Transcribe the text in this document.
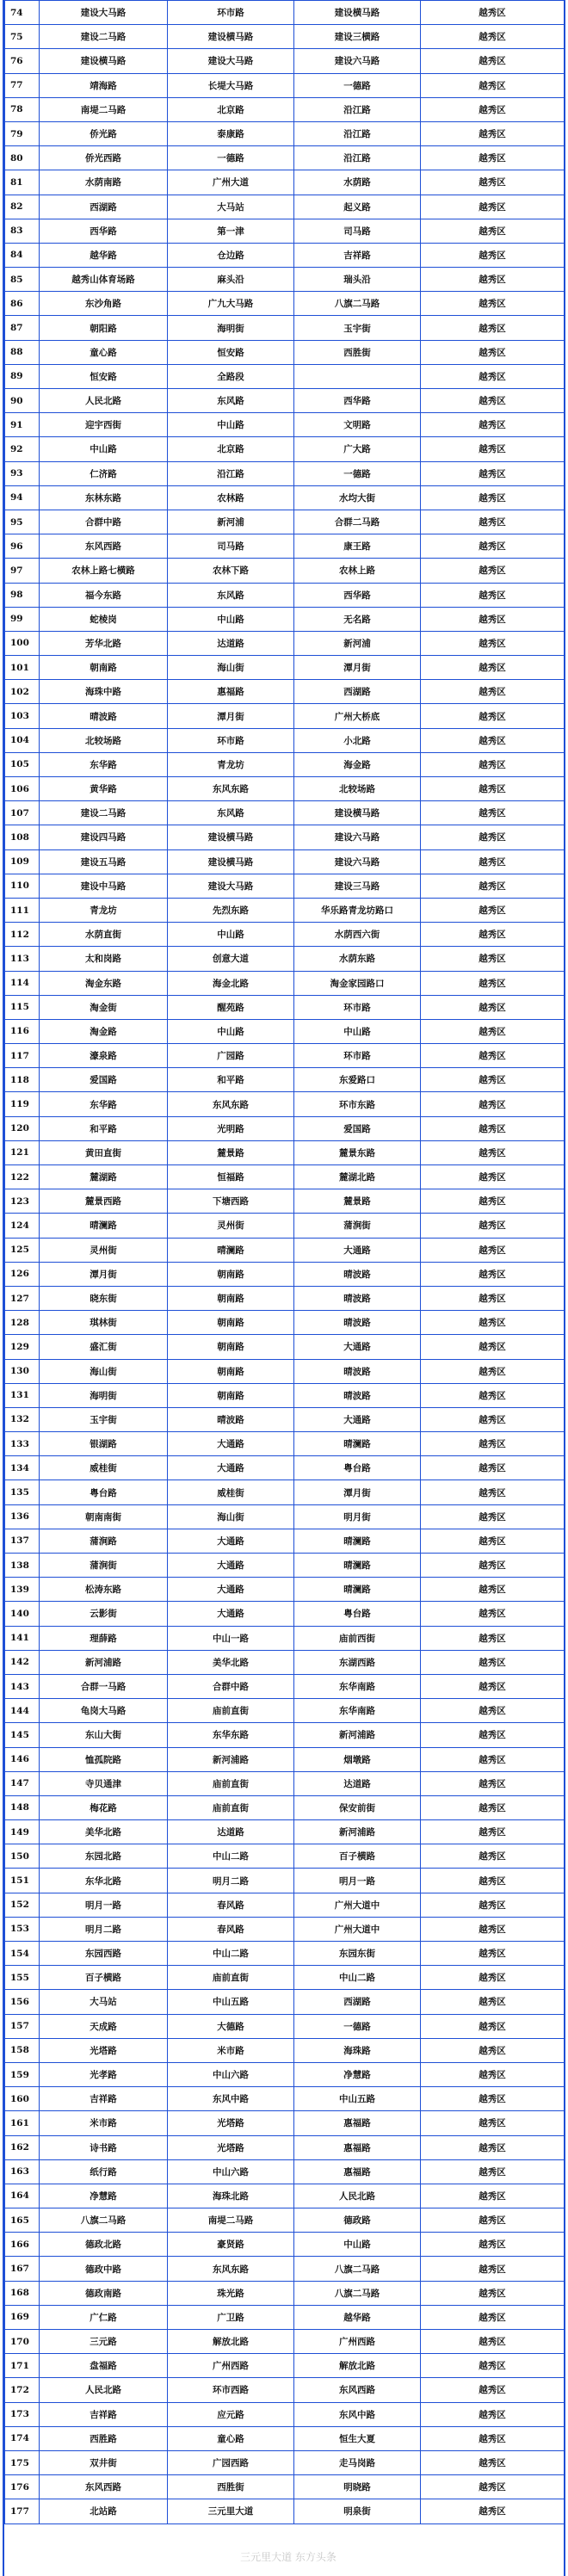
74	建设大马路	环市路	建设横马路	越秀区
75	建设二马路	建设横马路	建设三横路	越秀区
76	建设横马路	建设大马路	建设六马路	越秀区
77	靖海路	长堤大马路	一德路	越秀区
78	南堤二马路	北京路	沿江路	越秀区
79	侨光路	泰康路	沿江路	越秀区
80	侨光西路	一德路	沿江路	越秀区
81	水荫南路	广州大道	水荫路	越秀区
82	西湖路	大马站	起义路	越秀区
83	西华路	第一津	司马路	越秀区
84	越华路	仓边路	吉祥路	越秀区
85	越秀山体育场路	麻头沿	瑞头沿	越秀区
86	东沙角路	广九大马路	八旗二马路	越秀区
87	朝阳路	海明街	玉宇街	越秀区
88	童心路	恒安路	西胜街	越秀区
89	恒安路	全路段		越秀区
90	人民北路	东风路	西华路	越秀区
91	迎宇西街	中山路	文明路	越秀区
92	中山路	北京路	广大路	越秀区
93	仁济路	沿江路	一德路	越秀区
94	东林东路	农林路	水均大街	越秀区
95	合群中路	新河浦	合群二马路	越秀区
96	东风西路	司马路	康王路	越秀区
97	农林上路七横路	农林下路	农林上路	越秀区
98	福今东路	东风路	西华路	越秀区
99	蛇棱岗	中山路	无名路	越秀区
100	芳华北路	达道路	新河浦	越秀区
101	朝南路	海山街	潭月街	越秀区
102	海珠中路	惠福路	西湖路	越秀区
103	晴波路	潭月街	广州大桥底	越秀区
104	北较场路	环市路	小北路	越秀区
105	东华路	青龙坊	海金路	越秀区
106	黄华路	东风东路	北较场路	越秀区
107	建设二马路	东风路	建设横马路	越秀区
108	建设四马路	建设横马路	建设六马路	越秀区
109	建设五马路	建设横马路	建设六马路	越秀区
110	建设中马路	建设大马路	建设三马路	越秀区
111	青龙坊	先烈东路	华乐路青龙坊路口	越秀区
112	水荫直街	中山路	水荫西六街	越秀区
113	太和岗路	创意大道	水荫东路	越秀区
114	淘金东路	海金北路	淘金家园路口	越秀区
115	淘金街	醒苑路	环市路	越秀区
116	淘金路	中山路	中山路	越秀区
117	濠泉路	广园路	环市路	越秀区
118	爱国路	和平路	东爱路口	越秀区
119	东华路	东风东路	环市东路	越秀区
120	和平路	光明路	爱国路	越秀区
121	黄田直街	麓景路	麓景东路	越秀区
122	麓湖路	恒福路	麓湖北路	越秀区
123	麓景西路	下塘西路	麓景路	越秀区
124	晴澜路	灵州街	蒲涧街	越秀区
125	灵州街	晴澜路	大通路	越秀区
126	潭月街	朝南路	晴波路	越秀区
127	晓东街	朝南路	晴波路	越秀区
128	琪林街	朝南路	晴波路	越秀区
129	盛汇街	朝南路	大通路	越秀区
130	海山街	朝南路	晴波路	越秀区
131	海明街	朝南路	晴波路	越秀区
132	玉宇街	晴波路	大通路	越秀区
133	银湖路	大通路	晴澜路	越秀区
134	威桂街	大通路	粤台路	越秀区
135	粤台路	威桂街	潭月街	越秀区
136	朝南南街	海山街	明月街	越秀区
137	蒲涧路	大通路	晴澜路	越秀区
138	蒲涧街	大通路	晴澜路	越秀区
139	松涛东路	大通路	晴澜路	越秀区
140	云影街	大通路	粤台路	越秀区
141	理薛路	中山一路	庙前西街	越秀区
142	新河浦路	美华北路	东湖西路	越秀区
143	合群一马路	合群中路	东华南路	越秀区
144	龟岗大马路	庙前直街	东华南路	越秀区
145	东山大街	东华东路	新河浦路	越秀区
146	恤孤院路	新河浦路	烟墩路	越秀区
147	寺贝通津	庙前直街	达道路	越秀区
148	梅花路	庙前直街	保安前街	越秀区
149	美华北路	达道路	新河浦路	越秀区
150	东园北路	中山二路	百子横路	越秀区
151	东华北路	明月二路	明月一路	越秀区
152	明月一路	春风路	广州大道中	越秀区
153	明月二路	春风路	广州大道中	越秀区
154	东园西路	中山二路	东园东街	越秀区
155	百子横路	庙前直街	中山二路	越秀区
156	大马站	中山五路	西湖路	越秀区
157	天成路	大德路	一德路	越秀区
158	光塔路	米市路	海珠路	越秀区
159	光孝路	中山六路	净慧路	越秀区
160	吉祥路	东风中路	中山五路	越秀区
161	米市路	光塔路	惠福路	越秀区
162	诗书路	光塔路	惠福路	越秀区
163	纸行路	中山六路	惠福路	越秀区
164	净慧路	海珠北路	人民北路	越秀区
165	八旗二马路	南堤二马路	德政路	越秀区
166	德政北路	豪贤路	中山路	越秀区
167	德政中路	东风东路	八旗二马路	越秀区
168	德政南路	珠光路	八旗二马路	越秀区
169	广仁路	广卫路	越华路	越秀区
170	三元路	解放北路	广州西路	越秀区
171	盘福路	广州西路	解放北路	越秀区
172	人民北路	环市西路	东风西路	越秀区
173	吉祥路	应元路	东风中路	越秀区
174	西胜路	童心路	恒生大夏	越秀区
175	双井街	广园西路	走马岗路	越秀区
176	东风西路	西胜街	明晓路	越秀区
177	北站路	三元里大道	明泉街	越秀区
三元里大道 东方头条
